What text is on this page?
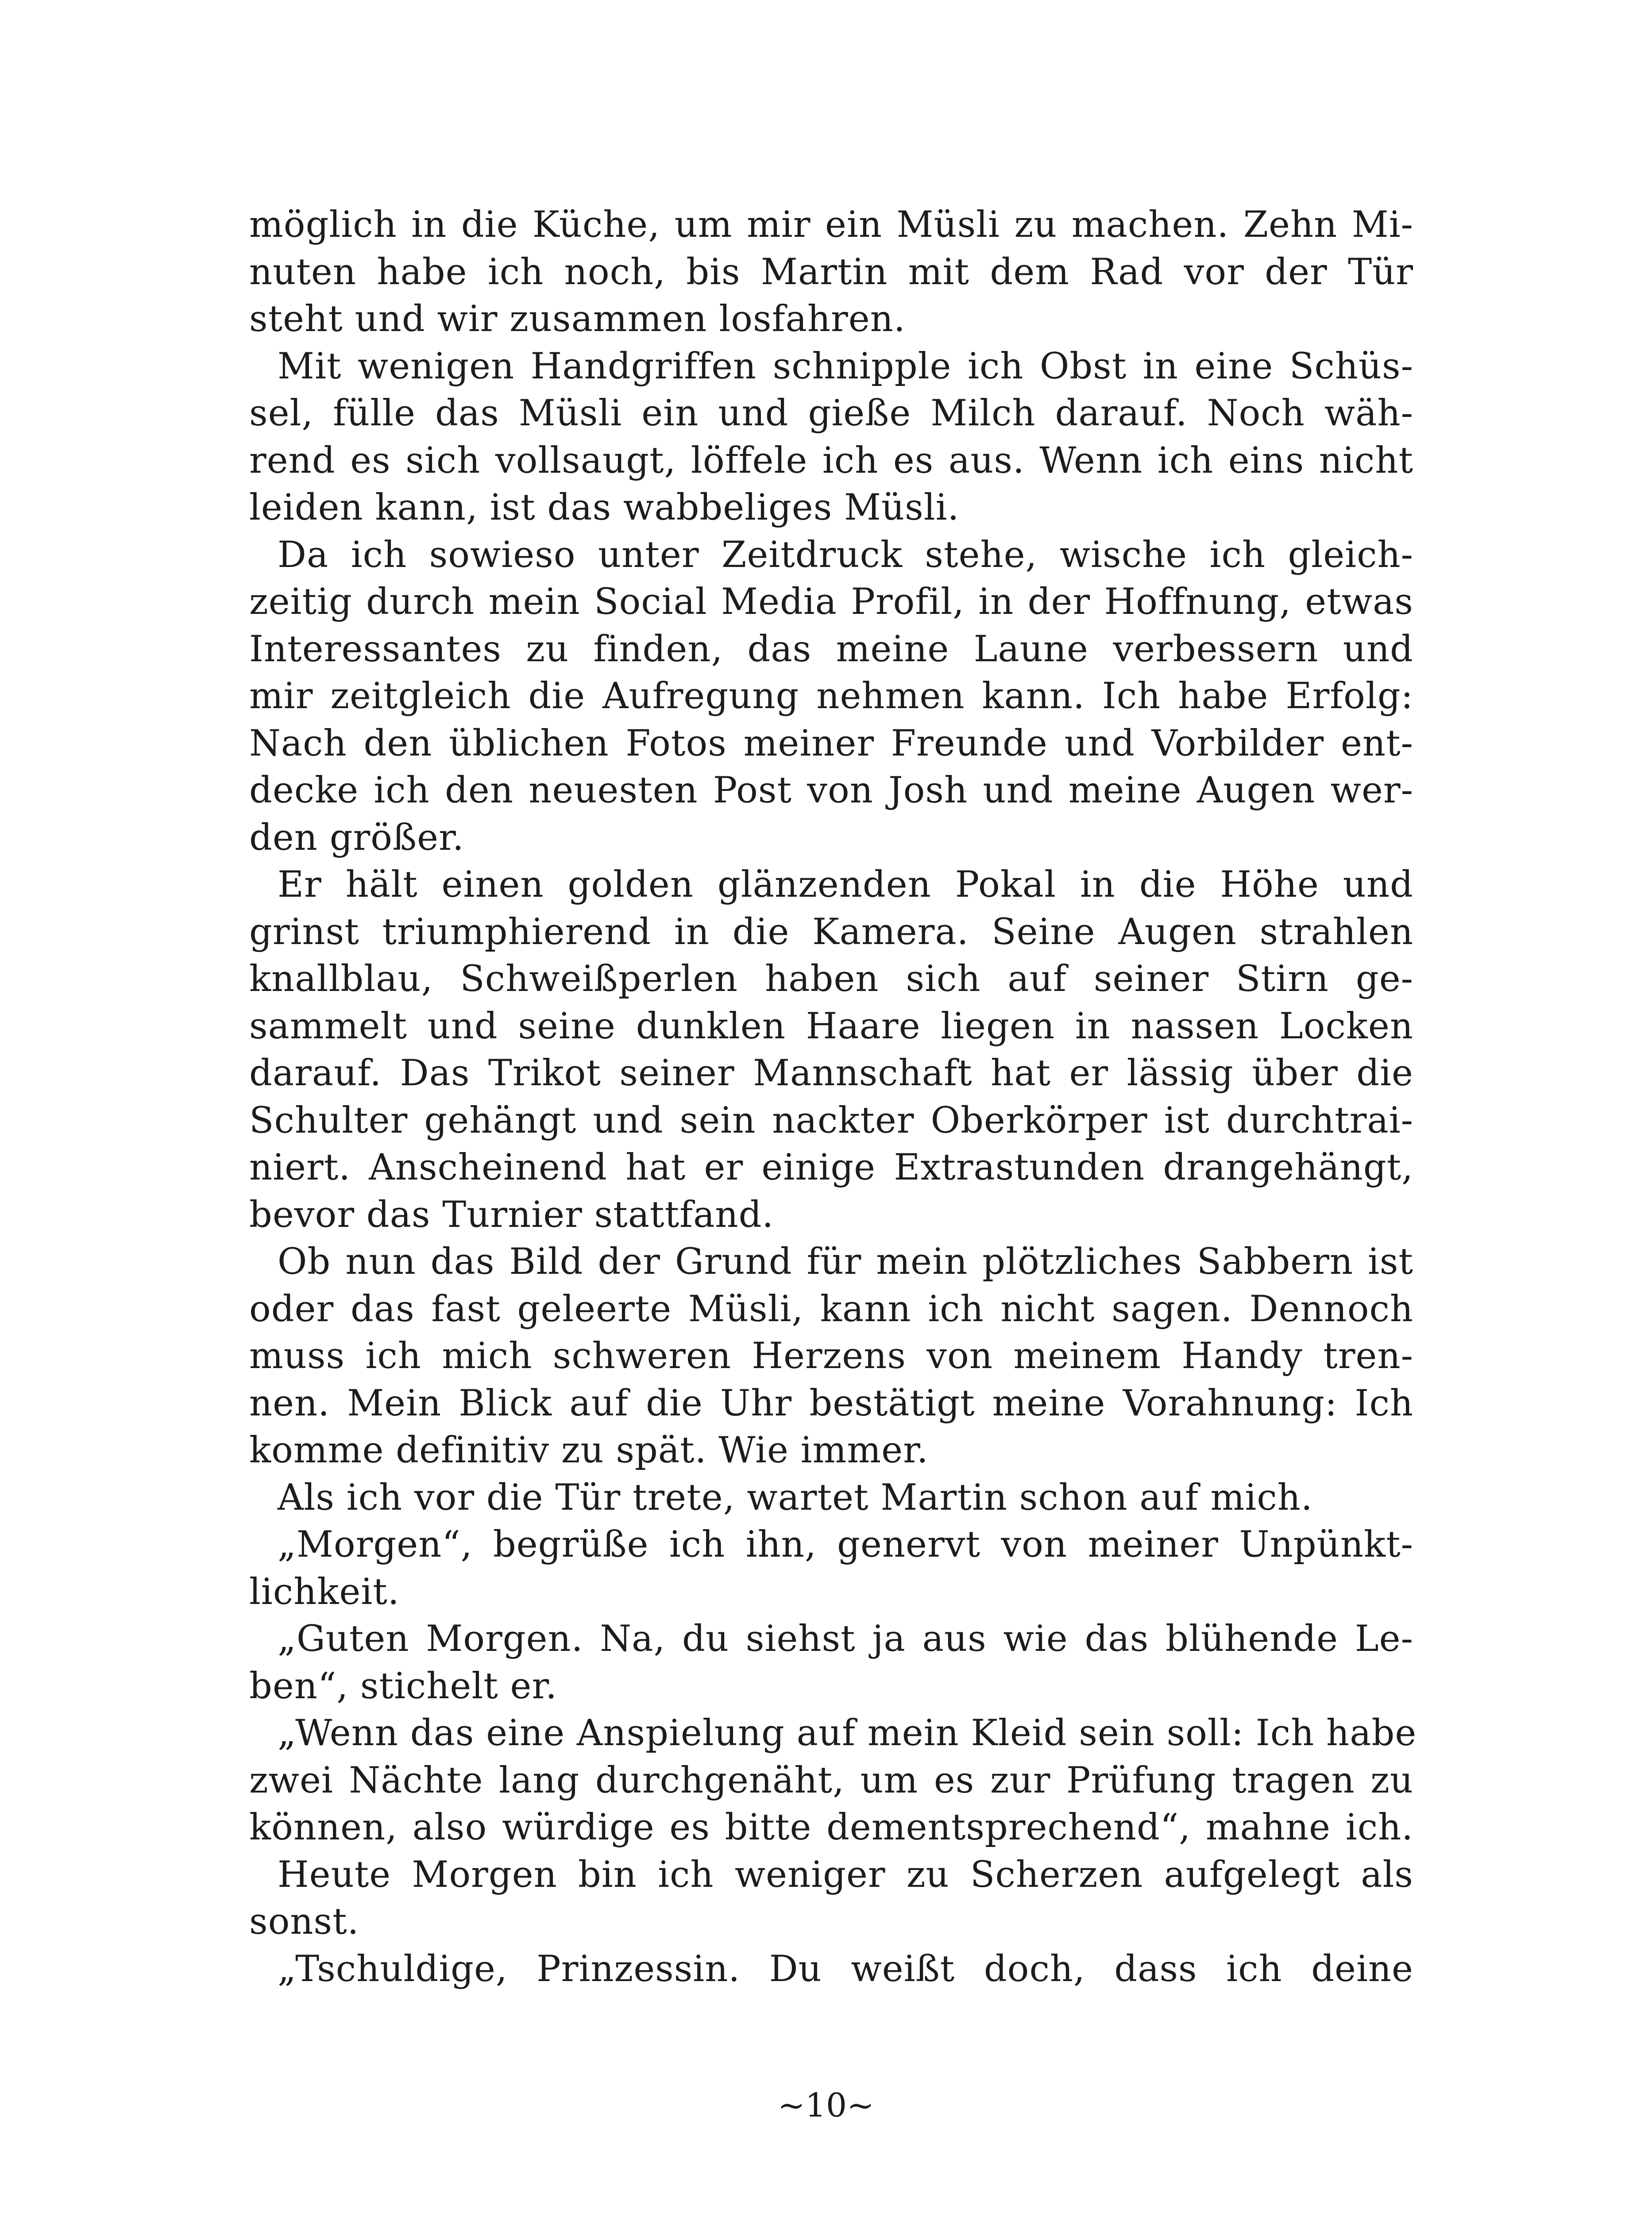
möglich in die Küche, um mir ein Müsli zu machen. Zehn Mi-
nuten habe ich noch, bis Martin mit dem Rad vor der Tür
steht und wir zusammen losfahren.
Mit wenigen Handgriffen schnipple ich Obst in eine Schüs-
sel, fülle das Müsli ein und gieße Milch darauf. Noch wäh-
rend es sich vollsaugt, löffele ich es aus. Wenn ich eins nicht
leiden kann, ist das wabbeliges Müsli.
Da ich sowieso unter Zeitdruck stehe, wische ich gleich-
zeitig durch mein Social Media Profil, in der Hoffnung, etwas
Interessantes zu finden, das meine Laune verbessern und
mir zeitgleich die Aufregung nehmen kann. Ich habe Erfolg:
Nach den üblichen Fotos meiner Freunde und Vorbilder ent-
decke ich den neuesten Post von Josh und meine Augen wer-
den größer.
Er hält einen golden glänzenden Pokal in die Höhe und
grinst triumphierend in die Kamera. Seine Augen strahlen
knallblau, Schweißperlen haben sich auf seiner Stirn ge-
sammelt und seine dunklen Haare liegen in nassen Locken
darauf. Das Trikot seiner Mannschaft hat er lässig über die
Schulter gehängt und sein nackter Oberkörper ist durchtrai-
niert. Anscheinend hat er einige Extrastunden drangehängt,
bevor das Turnier stattfand.
Ob nun das Bild der Grund für mein plötzliches Sabbern ist
oder das fast geleerte Müsli, kann ich nicht sagen. Dennoch
muss ich mich schweren Herzens von meinem Handy tren-
nen. Mein Blick auf die Uhr bestätigt meine Vorahnung: Ich
komme definitiv zu spät. Wie immer.
Als ich vor die Tür trete, wartet Martin schon auf mich.
„Morgen“, begrüße ich ihn, genervt von meiner Unpünkt-
lichkeit.
„Guten Morgen. Na, du siehst ja aus wie das blühende Le-
ben“, stichelt er.
„Wenn das eine Anspielung auf mein Kleid sein soll: Ich habe
zwei Nächte lang durchgenäht, um es zur Prüfung tragen zu
können, also würdige es bitte dementsprechend“, mahne ich.
Heute Morgen bin ich weniger zu Scherzen aufgelegt als
sonst.
„Tschuldige, Prinzessin. Du weißt doch, dass ich deine
~10~
